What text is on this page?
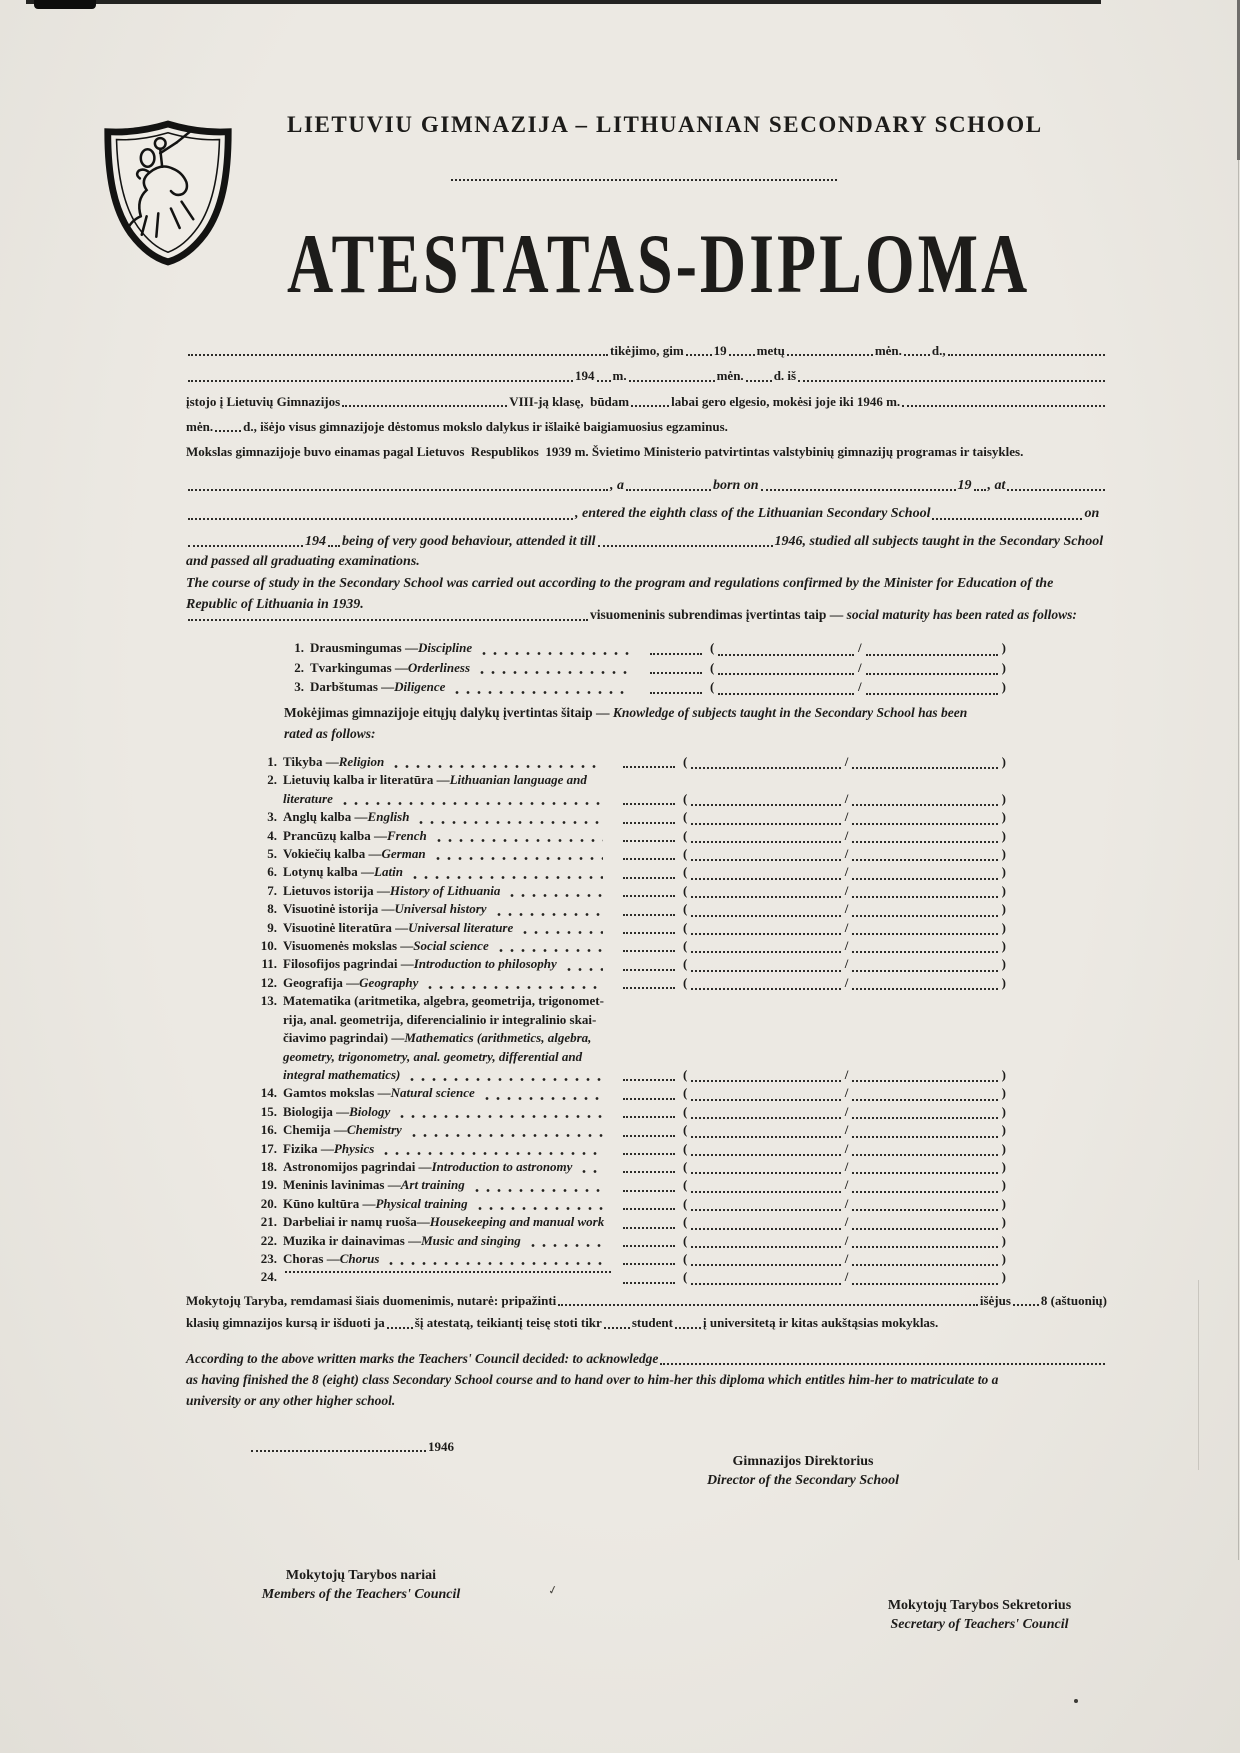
✓
LIETUVIU GIMNAZIJA – LITHUANIAN SECONDARY SCHOOL
ATESTATAS-DIPLOMA
tikėjimo, gim 19 metų	mėn. d.,
194 m.	mėn. d. iš
įstojo į Lietuvių Gimnazijos	VIII-ją klasę,  būdam	labai gero elgesio, mokėsi joje iki 1946 m.
mėn. d., išėjo visus gimnazijoje dėstomus mokslo dalykus ir išlaikė baigiamuosius egzaminus.
Mokslas gimnazijoje buvo einamas pagal Lietuvos  Respublikos  1939 m. Švietimo Ministerio patvirtintas valstybinių gimnazijų programas ir taisykles.
, a	born on	19 , at
, entered the eighth class of the Lithuanian Secondary School	on
194 being of very good behaviour, attended it till	1946, studied all subjects taught in the Secondary School
and passed all graduating examinations.
The course of study in the Secondary School was carried out according to the program and regulations confirmed by the Minister for Education of the
Republic of Lithuania in 1939.
visuomeninis subrendimas įvertintas taip — social maturity has been rated as follows:
1. Drausmingumas — Discipline	(	/	)
2. Tvarkingumas — Orderliness	(	/	)
3. Darbštumas — Diligence	(	/	)
Mokėjimas gimnazijoje eitųjų dalykų įvertintas šitaip — Knowledge of subjects taught in the Secondary School has been
rated as follows:
1. Tikyba — Religion	(	/	)
2. Lietuvių kalba ir literatūra — Lithuanian language and
literature	(	/	)
3. Anglų kalba — English	(	/	)
4. Prancūzų kalba — French	(	/	)
5. Vokiečių kalba — German	(	/	)
6. Lotynų kalba — Latin	(	/	)
7. Lietuvos istorija — History of Lithuania	(	/	)
8. Visuotinė istorija — Universal history	(	/	)
9. Visuotinė literatūra — Universal literature	(	/	)
10. Visuomenės mokslas — Social science	(	/	)
11. Filosofijos pagrindai — Introduction to philosophy	(	/	)
12. Geografija — Geography	(	/	)
13. Matematika (aritmetika, algebra, geometrija, trigonomet-
rija, anal. geometrija, diferencialinio ir integralinio skai-
čiavimo pagrindai) — Mathematics (arithmetics, algebra,
geometry, trigonometry, anal. geometry, differential and
integral mathematics)	(	/	)
14. Gamtos mokslas — Natural science	(	/	)
15. Biologija — Biology	(	/	)
16. Chemija — Chemistry	(	/	)
17. Fizika — Physics	(	/	)
18. Astronomijos pagrindai — Introduction to astronomy	(	/	)
19. Meninis lavinimas — Art training	(	/	)
20. Kūno kultūra — Physical training	(	/	)
21. Darbeliai ir namų ruoša— Housekeeping and manual work	(	/	)
22. Muzika ir dainavimas — Music and singing	(	/	)
23. Choras — Chorus	(	/	)
24.	(	/	)
Mokytojų Taryba, remdamasi šiais duomenimis, nutarė: pripažinti	išėjus 8 (aštuonių)
klasių gimnazijos kursą ir išduoti ja šį atestatą, teikiantį teisę stoti tikr student į universitetą ir kitas aukštąsias mokyklas.
According to the above written marks the Teachers' Council decided: to acknowledge
as having finished the 8 (eight) class Secondary School course and to hand over to him-her this diploma which entitles him-her to matriculate to a
university or any other higher school.
1946
Gimnazijos Direktorius
Director of the Secondary School
Mokytojų Tarybos nariai
Members of the Teachers' Council
Mokytojų Tarybos Sekretorius
Secretary of Teachers' Council
